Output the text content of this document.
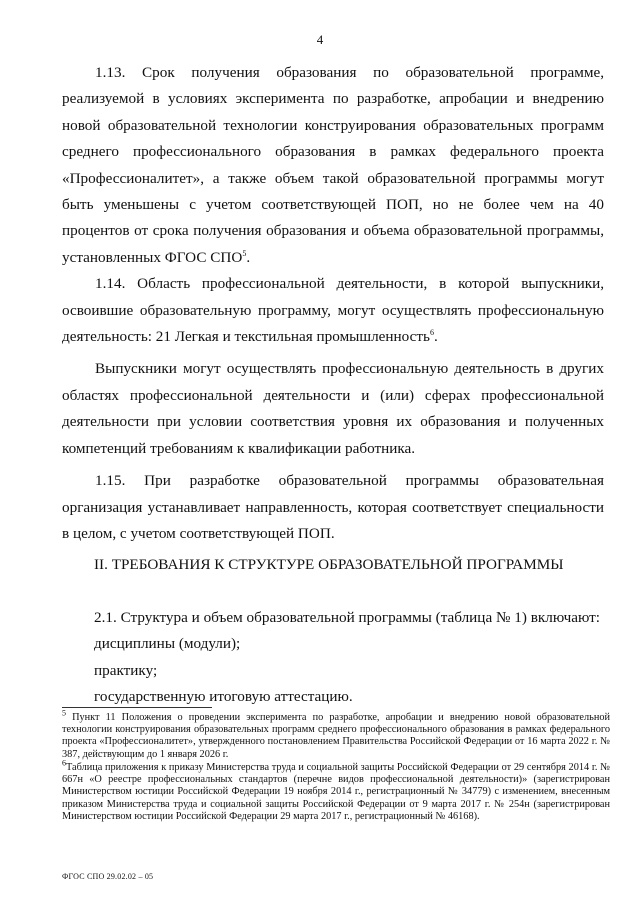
4

1.13. Срок получения образования по образовательной программе, реализуемой в условиях эксперимента по разработке, апробации и внедрению новой образовательной технологии конструирования образовательных программ среднего профессионального образования в рамках федерального проекта «Профессионалитет», а также объем такой образовательной программы могут быть уменьшены с учетом соответствующей ПОП, но не более чем на 40 процентов от срока получения образования и объема образовательной программы, установленных ФГОС СПО$^5$.

1.14. Область профессиональной деятельности, в которой выпускники, освоившие образовательную программу, могут осуществлять профессиональную деятельность: 21 Легкая и текстильная промышленность$^6$.

Выпускники могут осуществлять профессиональную деятельность в других областях профессиональной деятельности и (или) сферах профессиональной деятельности при условии соответствия уровня их образования и полученных компетенций требованиям к квалификации работника.

1.15. При разработке образовательной программы образовательная организация устанавливает направленность, которая соответствует специальности в целом, с учетом соответствующей ПОП.

II. ТРЕБОВАНИЯ К СТРУКТУРЕ ОБРАЗОВАТЕЛЬНОЙ ПРОГРАММЫ
2.1. Структура и объем образовательной программы (таблица № 1) включают:
дисциплины (модули);
практику;
государственную итоговую аттестацию.
$^5$ Пункт 11 Положения о проведении эксперимента по разработке, апробации и внедрению новой образовательной технологии конструирования образовательных программ среднего профессионального образования в рамках федерального проекта «Профессионалитет», утвержденного постановлением Правительства Российской Федерации от 16 марта 2022 г. № 387, действующим до 1 января 2026 г.
$^6$Таблица приложения к приказу Министерства труда и социальной защиты Российской Федерации от 29 сентября 2014 г. № 667н «О реестре профессиональных стандартов (перечне видов профессиональной деятельности)» (зарегистрирован Министерством юстиции Российской Федерации 19 ноября 2014 г., регистрационный № 34779) с изменением, внесенным приказом Министерства труда и социальной защиты Российской Федерации от 9 марта 2017 г. № 254н (зарегистрирован Министерством юстиции Российской Федерации 29 марта 2017 г., регистрационный № 46168).
ФГОС СПО 29.02.02 – 05
